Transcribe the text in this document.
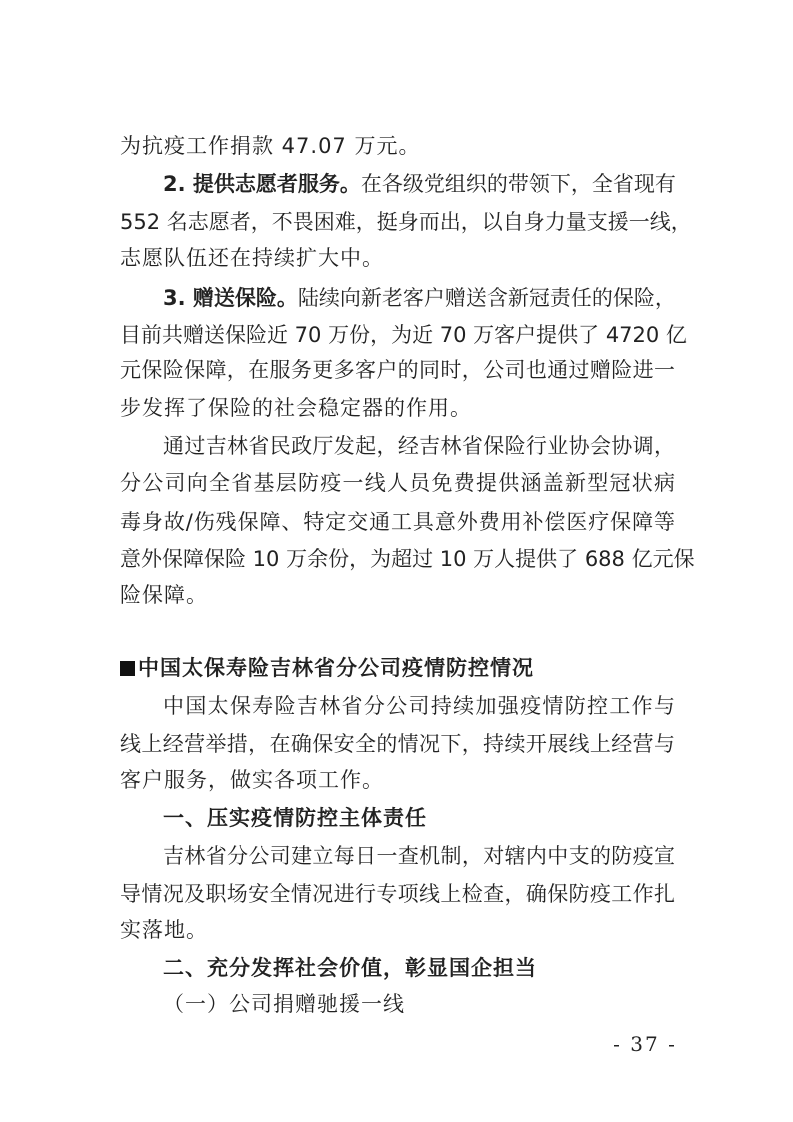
为抗疫工作捐款 47.07 万元。
2. 提供志愿者服务。在各级党组织的带领下，全省现有
552 名志愿者，不畏困难，挺身而出，以自身力量支援一线，
志愿队伍还在持续扩大中。
3. 赠送保险。陆续向新老客户赠送含新冠责任的保险，
目前共赠送保险近 70 万份，为近 70 万客户提供了 4720 亿
元保险保障，在服务更多客户的同时，公司也通过赠险进一
步发挥了保险的社会稳定器的作用。
通过吉林省民政厅发起，经吉林省保险行业协会协调，
分公司向全省基层防疫一线人员免费提供涵盖新型冠状病
毒身故/伤残保障、特定交通工具意外费用补偿医疗保障等
意外保障保险 10 万余份，为超过 10 万人提供了 688 亿元保
险保障。
中国太保寿险吉林省分公司疫情防控情况
中国太保寿险吉林省分公司持续加强疫情防控工作与
线上经营举措，在确保安全的情况下，持续开展线上经营与
客户服务，做实各项工作。
一、压实疫情防控主体责任
吉林省分公司建立每日一查机制，对辖内中支的防疫宣
导情况及职场安全情况进行专项线上检查，确保防疫工作扎
实落地。
二、充分发挥社会价值，彰显国企担当
（一）公司捐赠驰援一线
- 37 -
